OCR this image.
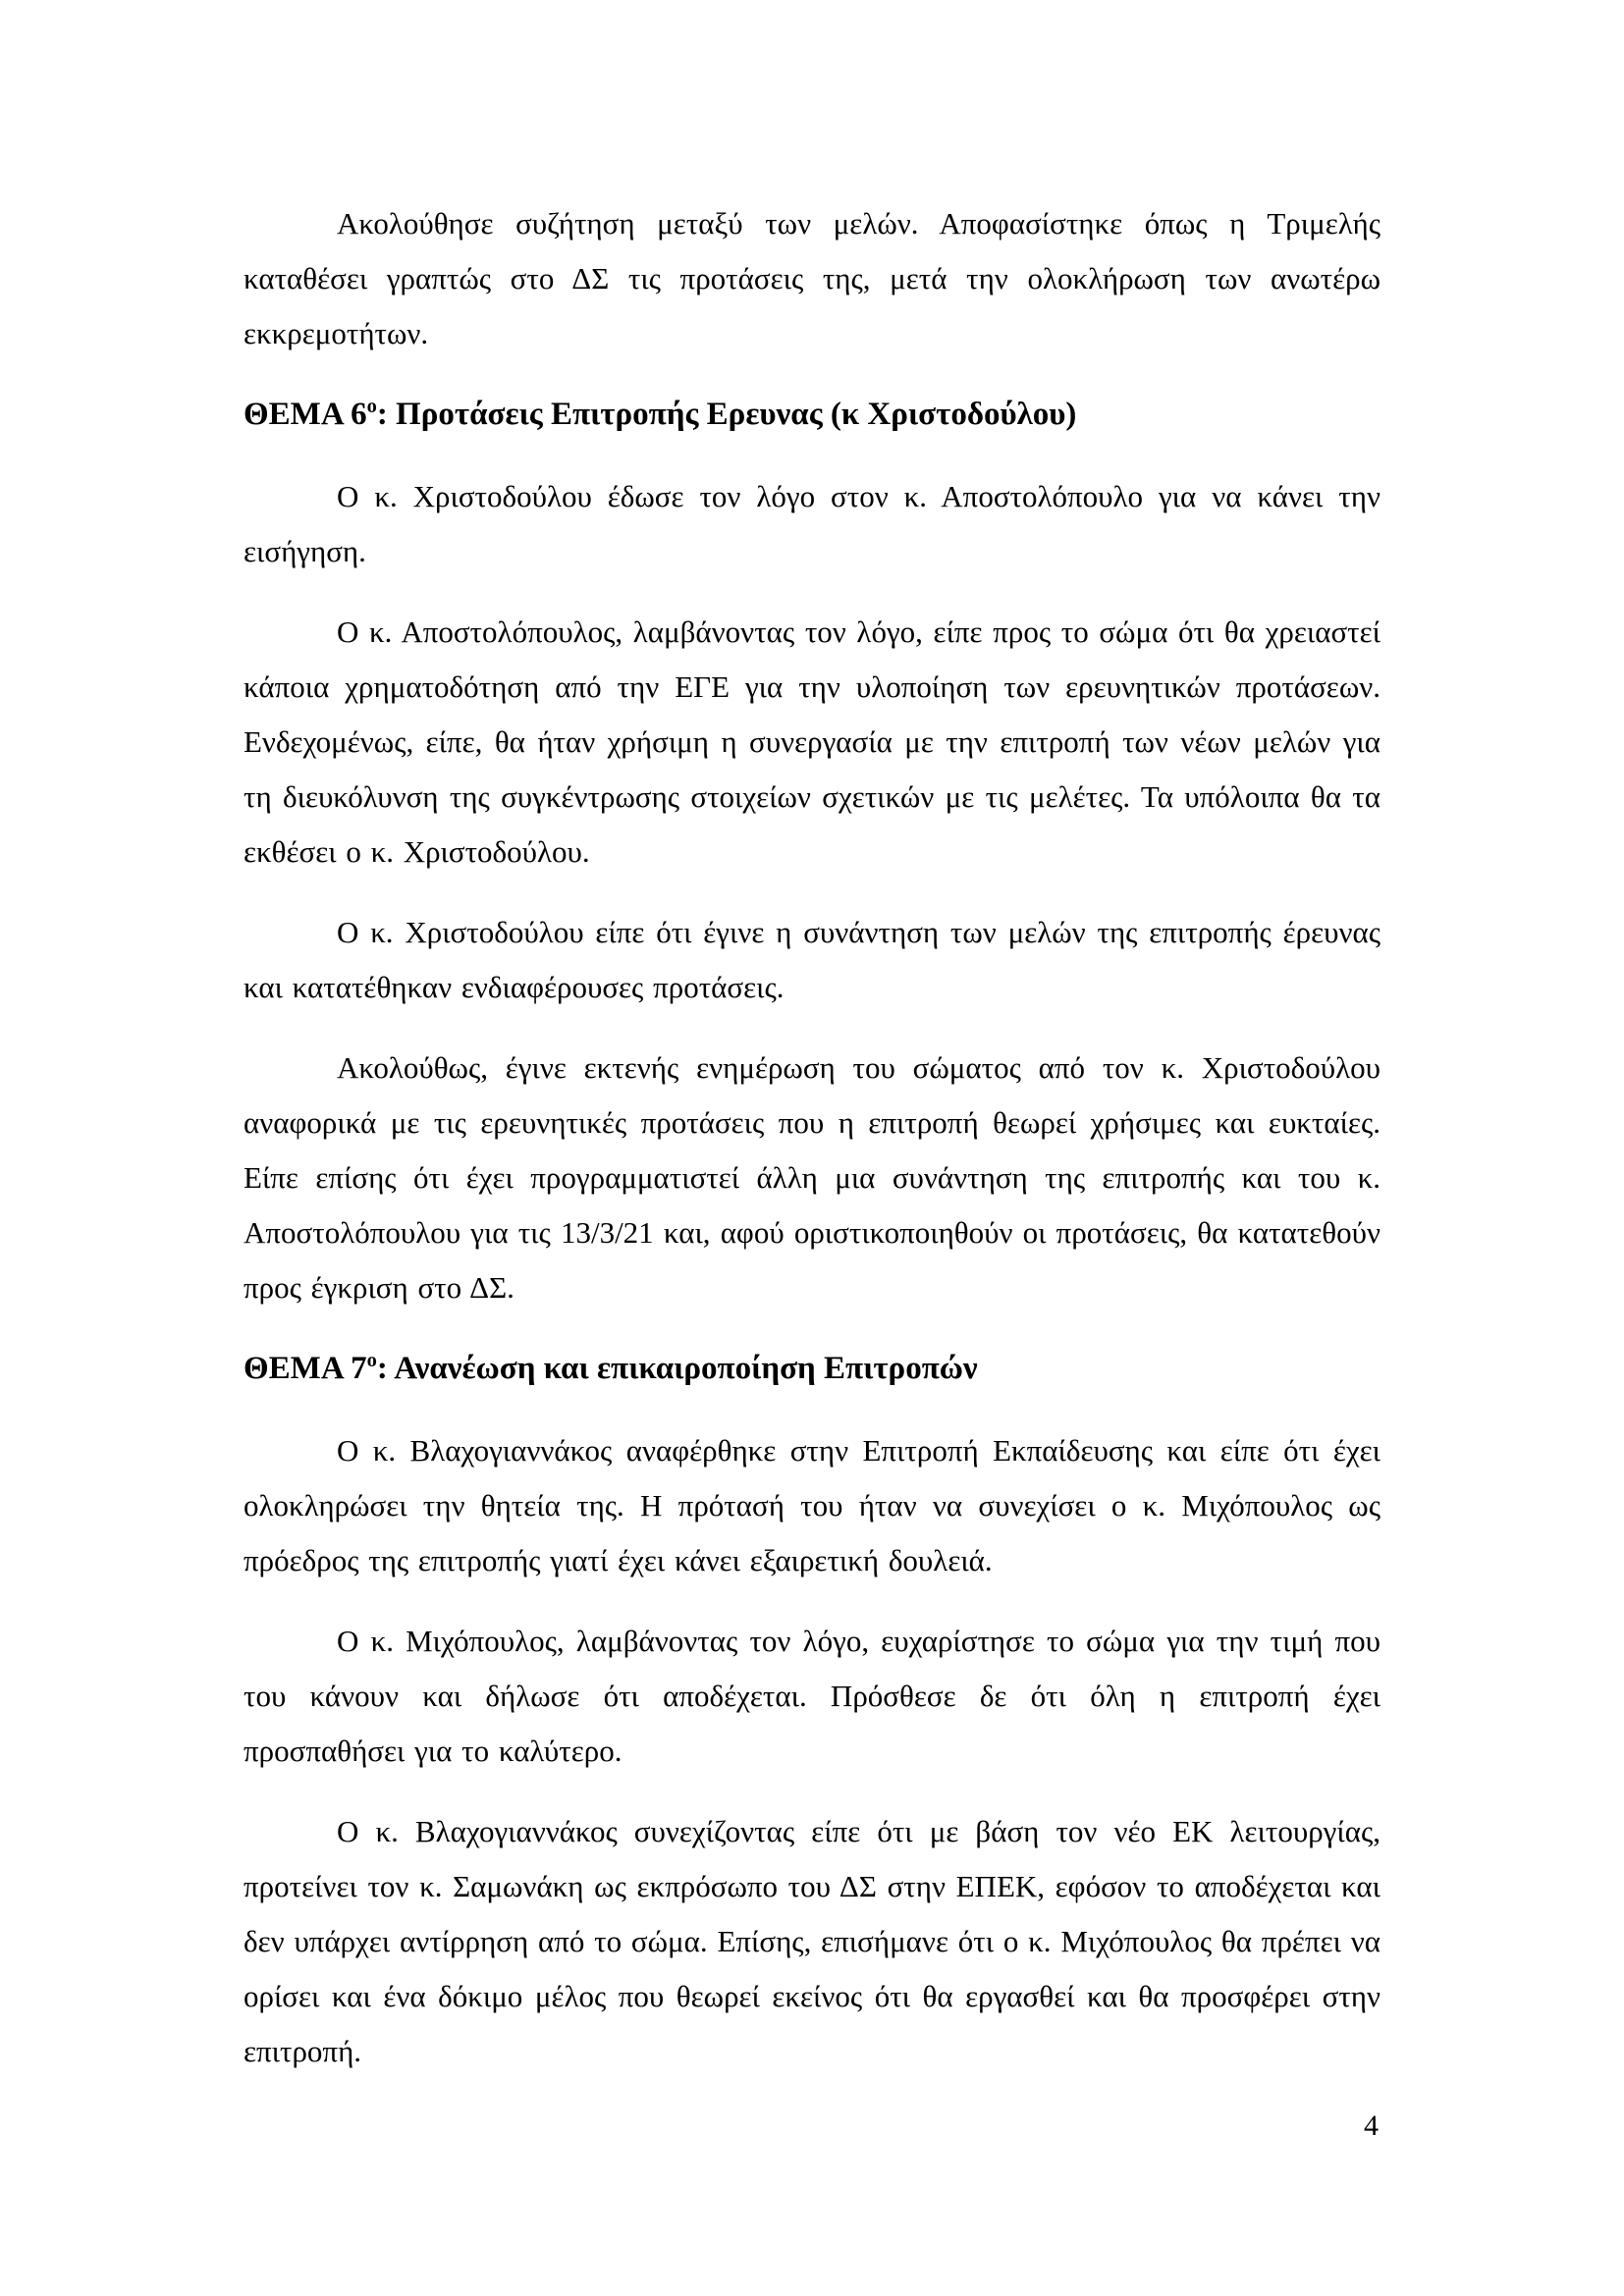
Ακολούθησε συζήτηση μεταξύ των μελών. Αποφασίστηκε όπως η Τριμελής καταθέσει γραπτώς στο ΔΣ τις προτάσεις της, μετά την ολοκλήρωση των ανωτέρω εκκρεμοτήτων.

ΘΕΜΑ $6^o$: Προτάσεις Επιτροπής Ερευνας (κ Χριστοδούλου)

Ο κ. Χριστοδούλου έδωσε τον λόγο στον κ. Αποστολόπουλο για να κάνει την εισήγηση.

Ο κ. Αποστολόπουλος, λαμβάνοντας τον λόγο, είπε προς το σώμα ότι θα χρειαστεί κάποια χρηματοδότηση από την ΕΓΕ για την υλοποίηση των ερευνητικών προτάσεων. Ενδεχομένως, είπε, θα ήταν χρήσιμη η συνεργασία με την επιτροπή των νέων μελών για τη διευκόλυνση της συγκέντρωσης στοιχείων σχετικών με τις μελέτες. Τα υπόλοιπα θα τα εκθέσει ο κ. Χριστοδούλου.

Ο κ. Χριστοδούλου είπε ότι έγινε η συνάντηση των μελών της επιτροπής έρευνας και κατατέθηκαν ενδιαφέρουσες προτάσεις.

Ακολούθως, έγινε εκτενής ενημέρωση του σώματος από τον κ. Χριστοδούλου αναφορικά με τις ερευνητικές προτάσεις που η επιτροπή θεωρεί χρήσιμες και ευκταίες. Είπε επίσης ότι έχει προγραμματιστεί άλλη μια συνάντηση της επιτροπής και του κ. Αποστολόπουλου για τις 13/3/21 και, αφού οριστικοποιηθούν οι προτάσεις, θα κατατεθούν προς έγκριση στο ΔΣ.

ΘΕΜΑ $7^o$: Ανανέωση και επικαιροποίηση Επιτροπών

Ο κ. Βλαχογιαννάκος αναφέρθηκε στην Επιτροπή Εκπαίδευσης και είπε ότι έχει ολοκληρώσει την θητεία της. Η πρότασή του ήταν να συνεχίσει ο κ. Μιχόπουλος ως πρόεδρος της επιτροπής γιατί έχει κάνει εξαιρετική δουλειά.

Ο κ. Μιχόπουλος, λαμβάνοντας τον λόγο, ευχαρίστησε το σώμα για την τιμή που του κάνουν και δήλωσε ότι αποδέχεται. Πρόσθεσε δε ότι όλη η επιτροπή έχει προσπαθήσει για το καλύτερο.

Ο κ. Βλαχογιαννάκος συνεχίζοντας είπε ότι με βάση τον νέο ΕΚ λειτουργίας, προτείνει τον κ. Σαμωνάκη ως εκπρόσωπο του ΔΣ στην ΕΠΕΚ, εφόσον το αποδέχεται και δεν υπάρχει αντίρρηση από το σώμα. Επίσης, επισήμανε ότι ο κ. Μιχόπουλος θα πρέπει να ορίσει και ένα δόκιμο μέλος που θεωρεί εκείνος ότι θα εργασθεί και θα προσφέρει στην επιτροπή.

4
